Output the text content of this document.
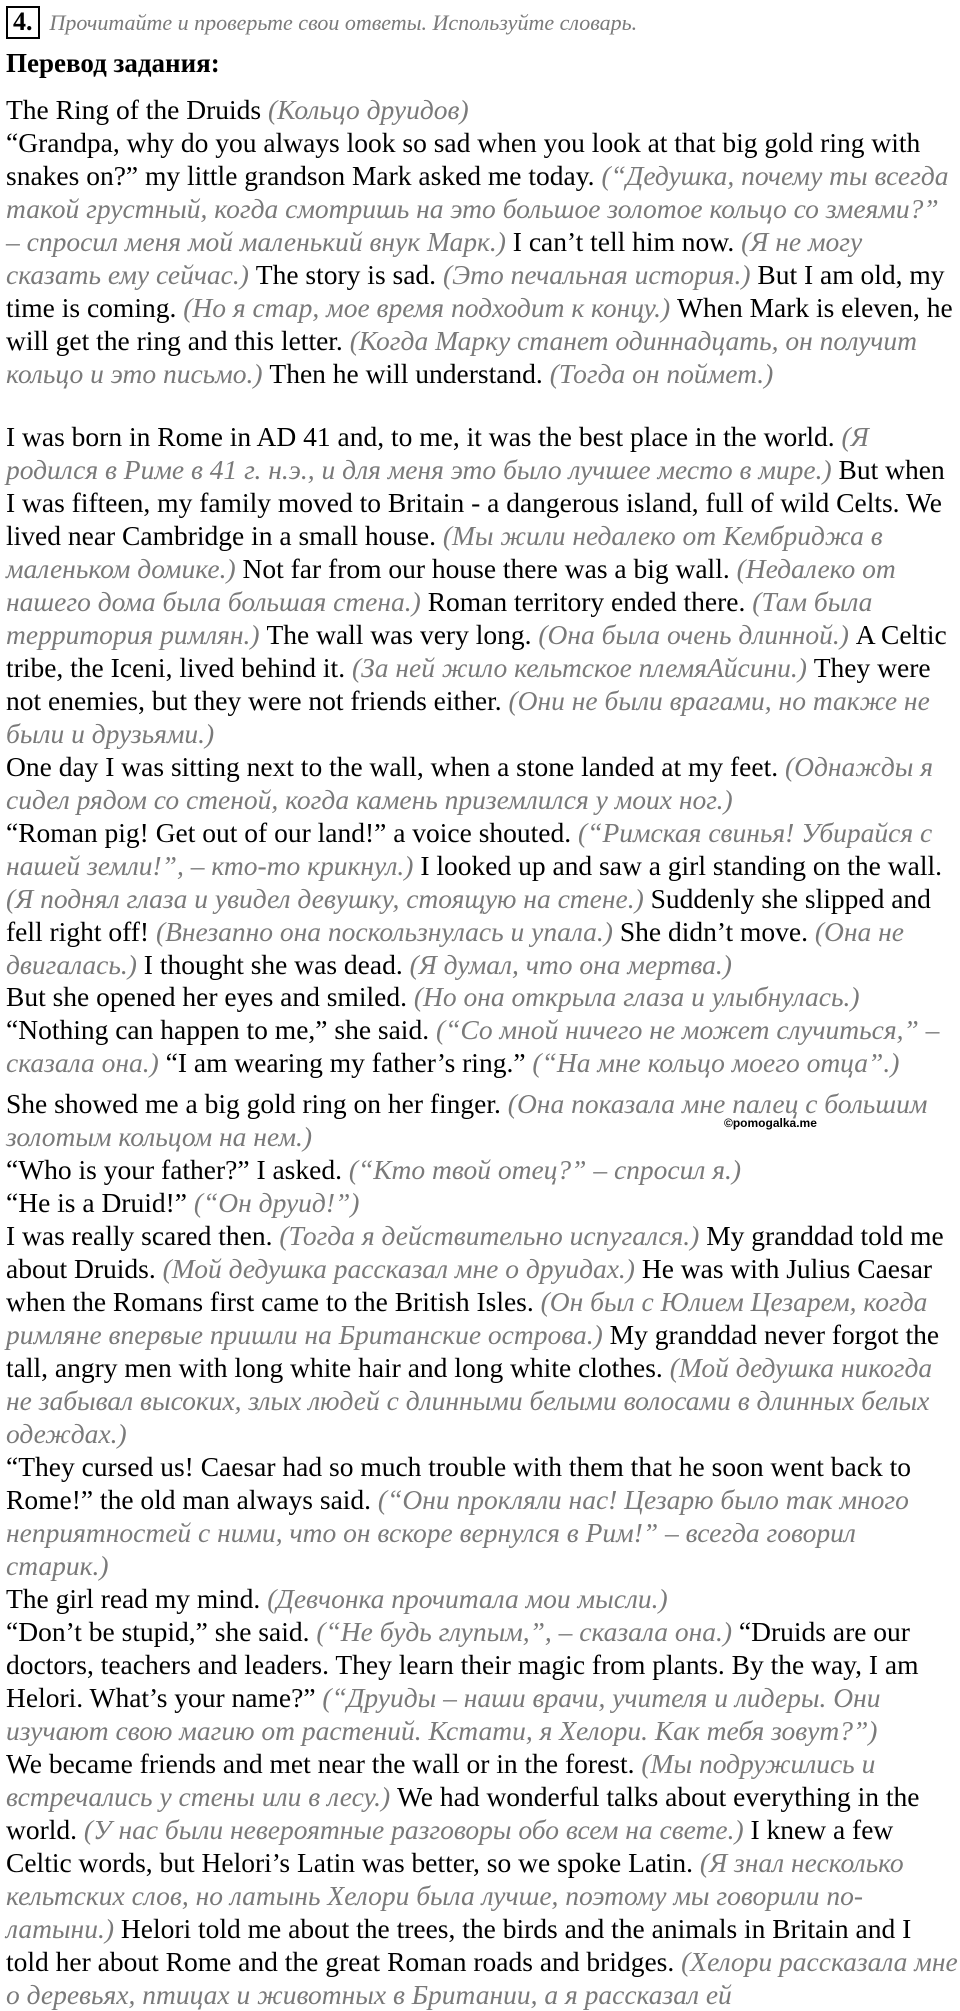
4. Прочитайте и проверьте свои ответы. Используйте словарь.
Перевод задания:
The Ring of the Druids (Кольцо друидов)
“Grandpa, why do you always look so sad when you look at that big gold ring with snakes on?” my little grandson Mark asked me today. (“Дедушка, почему ты всегда такой грустный, когда смотришь на это большое золотое кольцо со змеями?” – спросил меня мой маленький внук Марк.) I can’t tell him now. (Я не могу сказать ему сейчас.) The story is sad. (Это печальная история.) But I am old, my time is coming. (Но я стар, мое время подходит к концу.) When Mark is eleven, he will get the ring and this letter. (Когда Марку станет одиннадцать, он получит кольцо и это письмо.) Then he will understand. (Тогда он поймет.)
I was born in Rome in AD 41 and, to me, it was the best place in the world. (Я родился в Риме в 41 г. н.э., и для меня это было лучшее место в мире.) But when I was fifteen, my family moved to Britain - a dangerous island, full of wild Celts. We lived near Cambridge in a small house. (Мы жили недалеко от Кембриджа в маленьком домике.) Not far from our house there was a big wall. (Недалеко от нашего дома была большая стена.) Roman territory ended there. (Там была территория римлян.) The wall was very long. (Она была очень длинной.) A Celtic tribe, the Iceni, lived behind it. (За ней жило кельтское племяАйсини.) They were not enemies, but they were not friends either. (Они не были врагами, но также не были и друзьями.)
One day I was sitting next to the wall, when a stone landed at my feet. (Однажды я сидел рядом со стеной, когда камень приземлился у моих ног.)
“Roman pig! Get out of our land!” a voice shouted. (“Римская свинья! Убирайся с нашей земли!”, – кто-то крикнул.) I looked up and saw a girl standing on the wall. (Я поднял глаза и увидел девушку, стоящую на стене.) Suddenly she slipped and fell right off! (Внезапно она поскользнулась и упала.) She didn’t move. (Она не двигалась.) I thought she was dead. (Я думал, что она мертва.)
But she opened her eyes and smiled. (Но она открыла глаза и улыбнулась.)
“Nothing can happen to me,” she said. (“Со мной ничего не может случиться,” – сказала она.) “I am wearing my father’s ring.” (“На мне кольцо моего отца”.)
She showed me a big gold ring on her finger. (Она показала мне палец с большим золотым кольцом на нем.)
“Who is your father?” I asked. (“Кто твой отец?” – спросил я.)
“He is a Druid!” (“Он друид!”)
I was really scared then. (Тогда я действительно испугался.) My granddad told me about Druids. (Мой дедушка рассказал мне о друидах.) He was with Julius Caesar when the Romans first came to the British Isles. (Он был с Юлием Цезарем, когда римляне впервые пришли на Британские острова.) My granddad never forgot the tall, angry men with long white hair and long white clothes. (Мой дедушка никогда не забывал высоких, злых людей с длинными белыми волосами в длинных белых одеждах.)
“They cursed us! Caesar had so much trouble with them that he soon went back to Rome!” the old man always said. (“Они прокляли нас! Цезарю было так много неприятностей с ними, что он вскоре вернулся в Рим!” – всегда говорил старик.)
The girl read my mind. (Девчонка прочитала мои мысли.)
“Don’t be stupid,” she said. (“Не будь глупым,”, – сказала она.) “Druids are our doctors, teachers and leaders. They learn their magic from plants. By the way, I am Helori. What’s your name?” (“Друиды – наши врачи, учителя и лидеры. Они изучают свою магию от растений. Кстати, я Хелори. Как тебя зовут?”)
We became friends and met near the wall or in the forest. (Мы подружились и встречались у стены или в лесу.) We had wonderful talks about everything in the world. (У нас были невероятные разговоры обо всем на свете.) I knew a few Celtic words, but Helori’s Latin was better, so we spoke Latin. (Я знал несколько кельтских слов, но латынь Хелори была лучше, поэтому мы говорили по-латыни.) Helori told me about the trees, the birds and the animals in Britain and I told her about Rome and the great Roman roads and bridges. (Хелори рассказала мне о деревьях, птицах и животных в Британии, а я рассказал ей
©pomogalka.me
